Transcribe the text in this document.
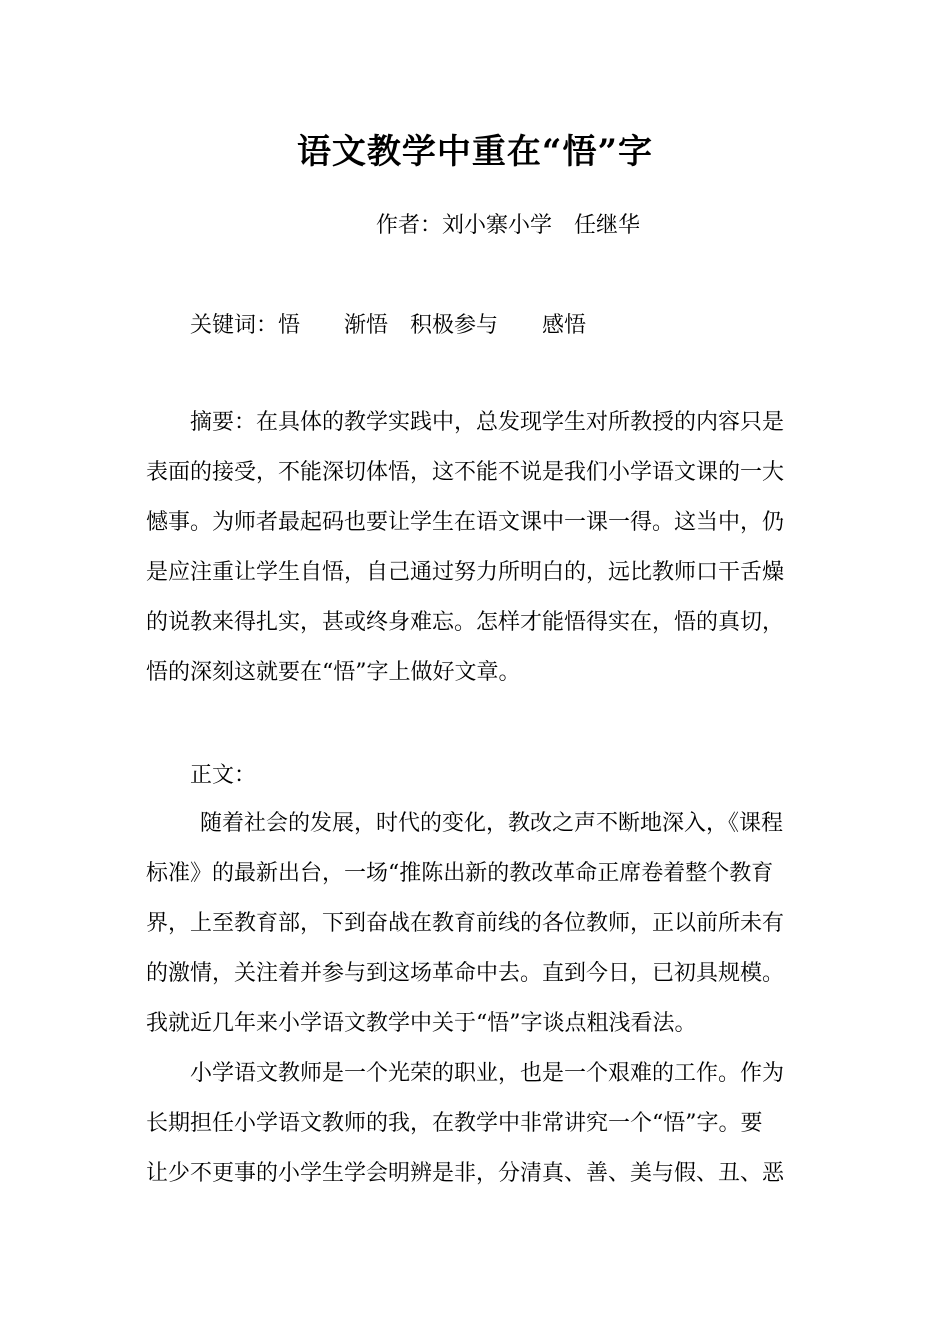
语文教学中重在“悟”字
作者：刘小寨小学　任继华
关键词：悟　　渐悟　积极参与　　感悟
摘要：在具体的教学实践中，总发现学生对所教授的内容只是
表面的接受，不能深切体悟，这不能不说是我们小学语文课的一大
憾事。为师者最起码也要让学生在语文课中一课一得。这当中，仍
是应注重让学生自悟，自己通过努力所明白的，远比教师口干舌燥
的说教来得扎实，甚或终身难忘。怎样才能悟得实在，悟的真切，
悟的深刻这就要在“悟”字上做好文章。
正文：
随着社会的发展，时代的变化，教改之声不断地深入，《课程
标准》的最新出台，一场“推陈出新的教改革命正席卷着整个教育
界，上至教育部，下到奋战在教育前线的各位教师，正以前所未有
的激情，关注着并参与到这场革命中去。直到今日，已初具规模。
我就近几年来小学语文教学中关于“悟”字谈点粗浅看法。
小学语文教师是一个光荣的职业，也是一个艰难的工作。作为
长期担任小学语文教师的我，在教学中非常讲究一个“悟”字。要
让少不更事的小学生学会明辨是非，分清真、善、美与假、丑、恶
